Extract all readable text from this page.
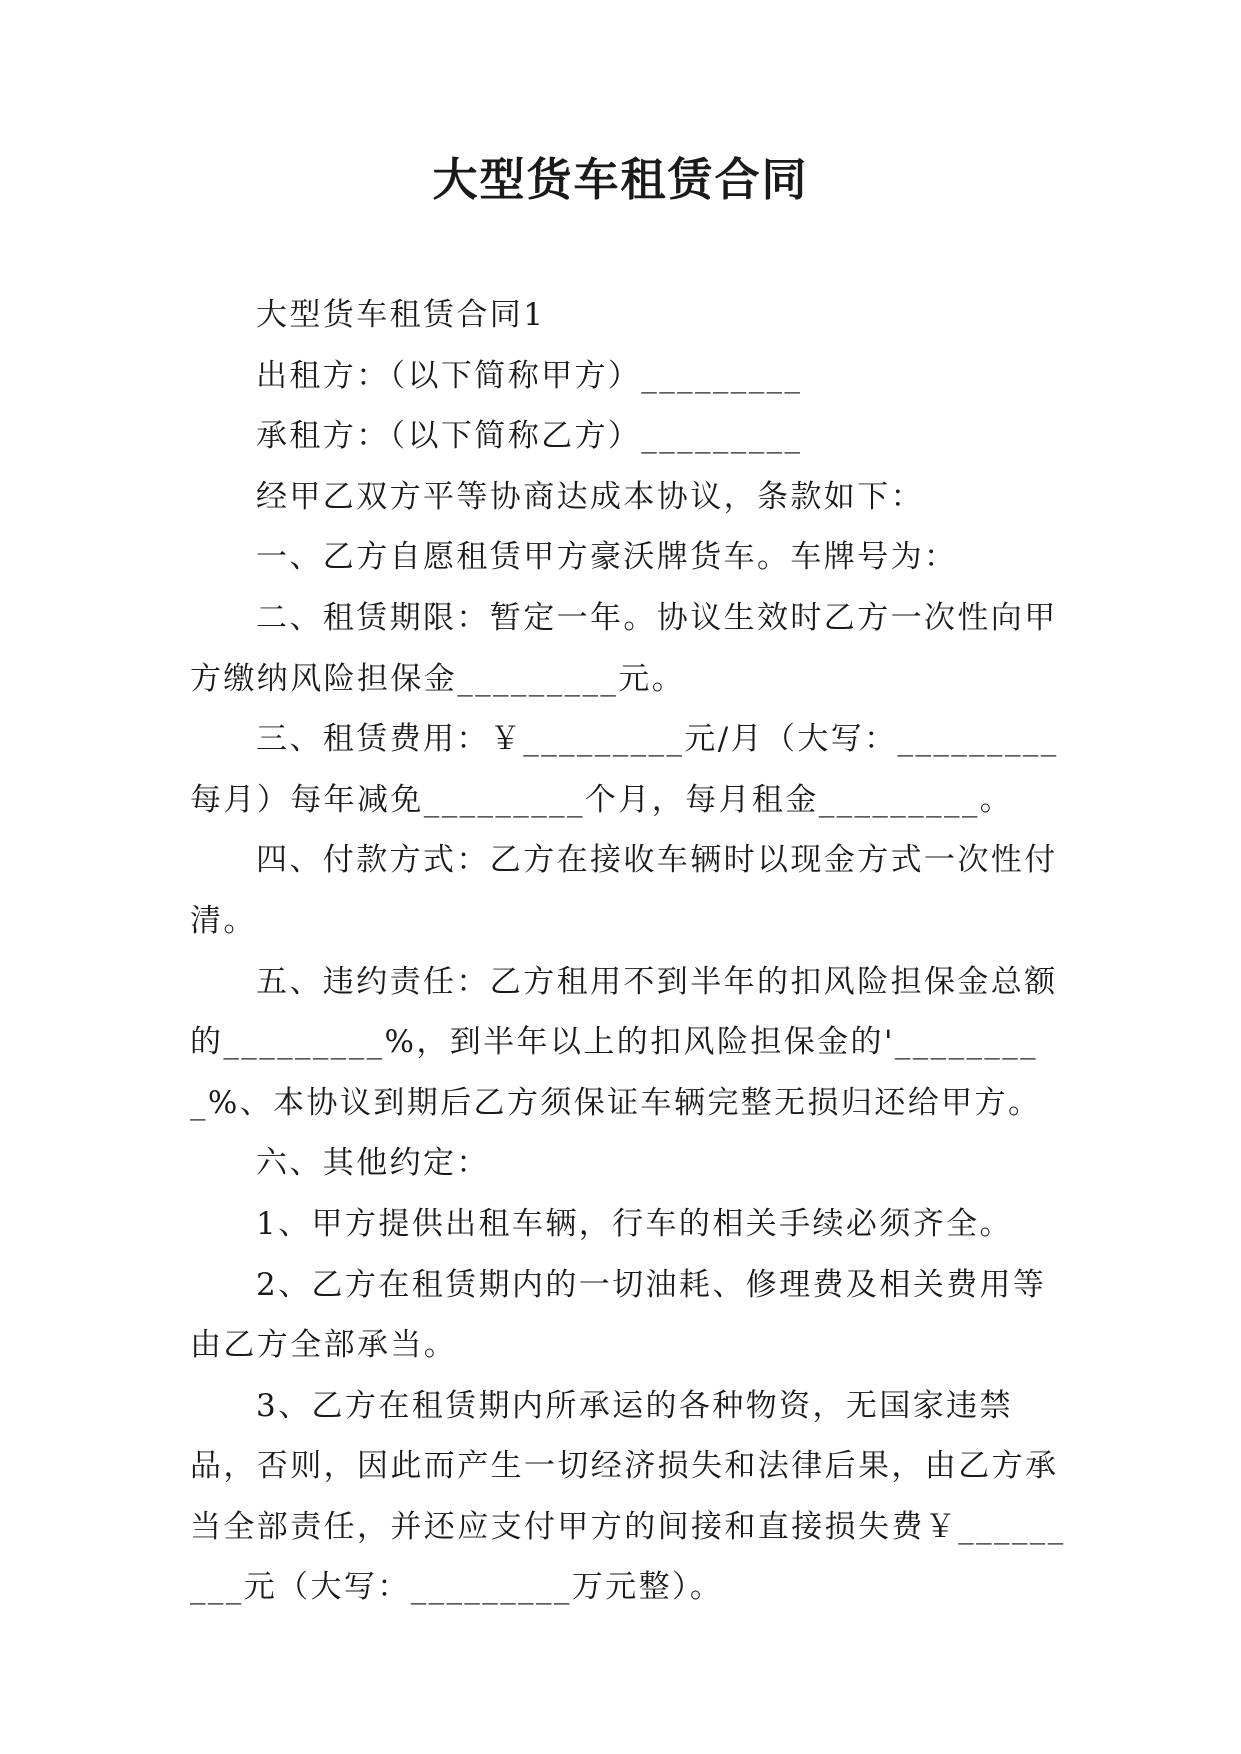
大型货车租赁合同

大型货车租赁合同1

出租方：（以下简称甲方）_________

承租方：（以下简称乙方）_________

经甲乙双方平等协商达成本协议，条款如下：

一、乙方自愿租赁甲方豪沃牌货车。车牌号为：

二、租赁期限：暂定一年。协议生效时乙方一次性向甲方缴纳风险担保金_________元。

三、租赁费用：￥_________元/月（大写：_________每月）每年减免_________个月，每月租金_________。

四、付款方式：乙方在接收车辆时以现金方式一次性付清。

五、违约责任：乙方租用不到半年的扣风险担保金总额的_________%，到半年以上的扣风险担保金的'_________%、本协议到期后乙方须保证车辆完整无损归还给甲方。

六、其他约定：

1、甲方提供出租车辆，行车的相关手续必须齐全。

2、乙方在租赁期内的一切油耗、修理费及相关费用等由乙方全部承当。

3、乙方在租赁期内所承运的各种物资，无国家违禁品，否则，因此而产生一切经济损失和法律后果，由乙方承当全部责任，并还应支付甲方的间接和直接损失费￥_________元（大写：_________万元整）。
